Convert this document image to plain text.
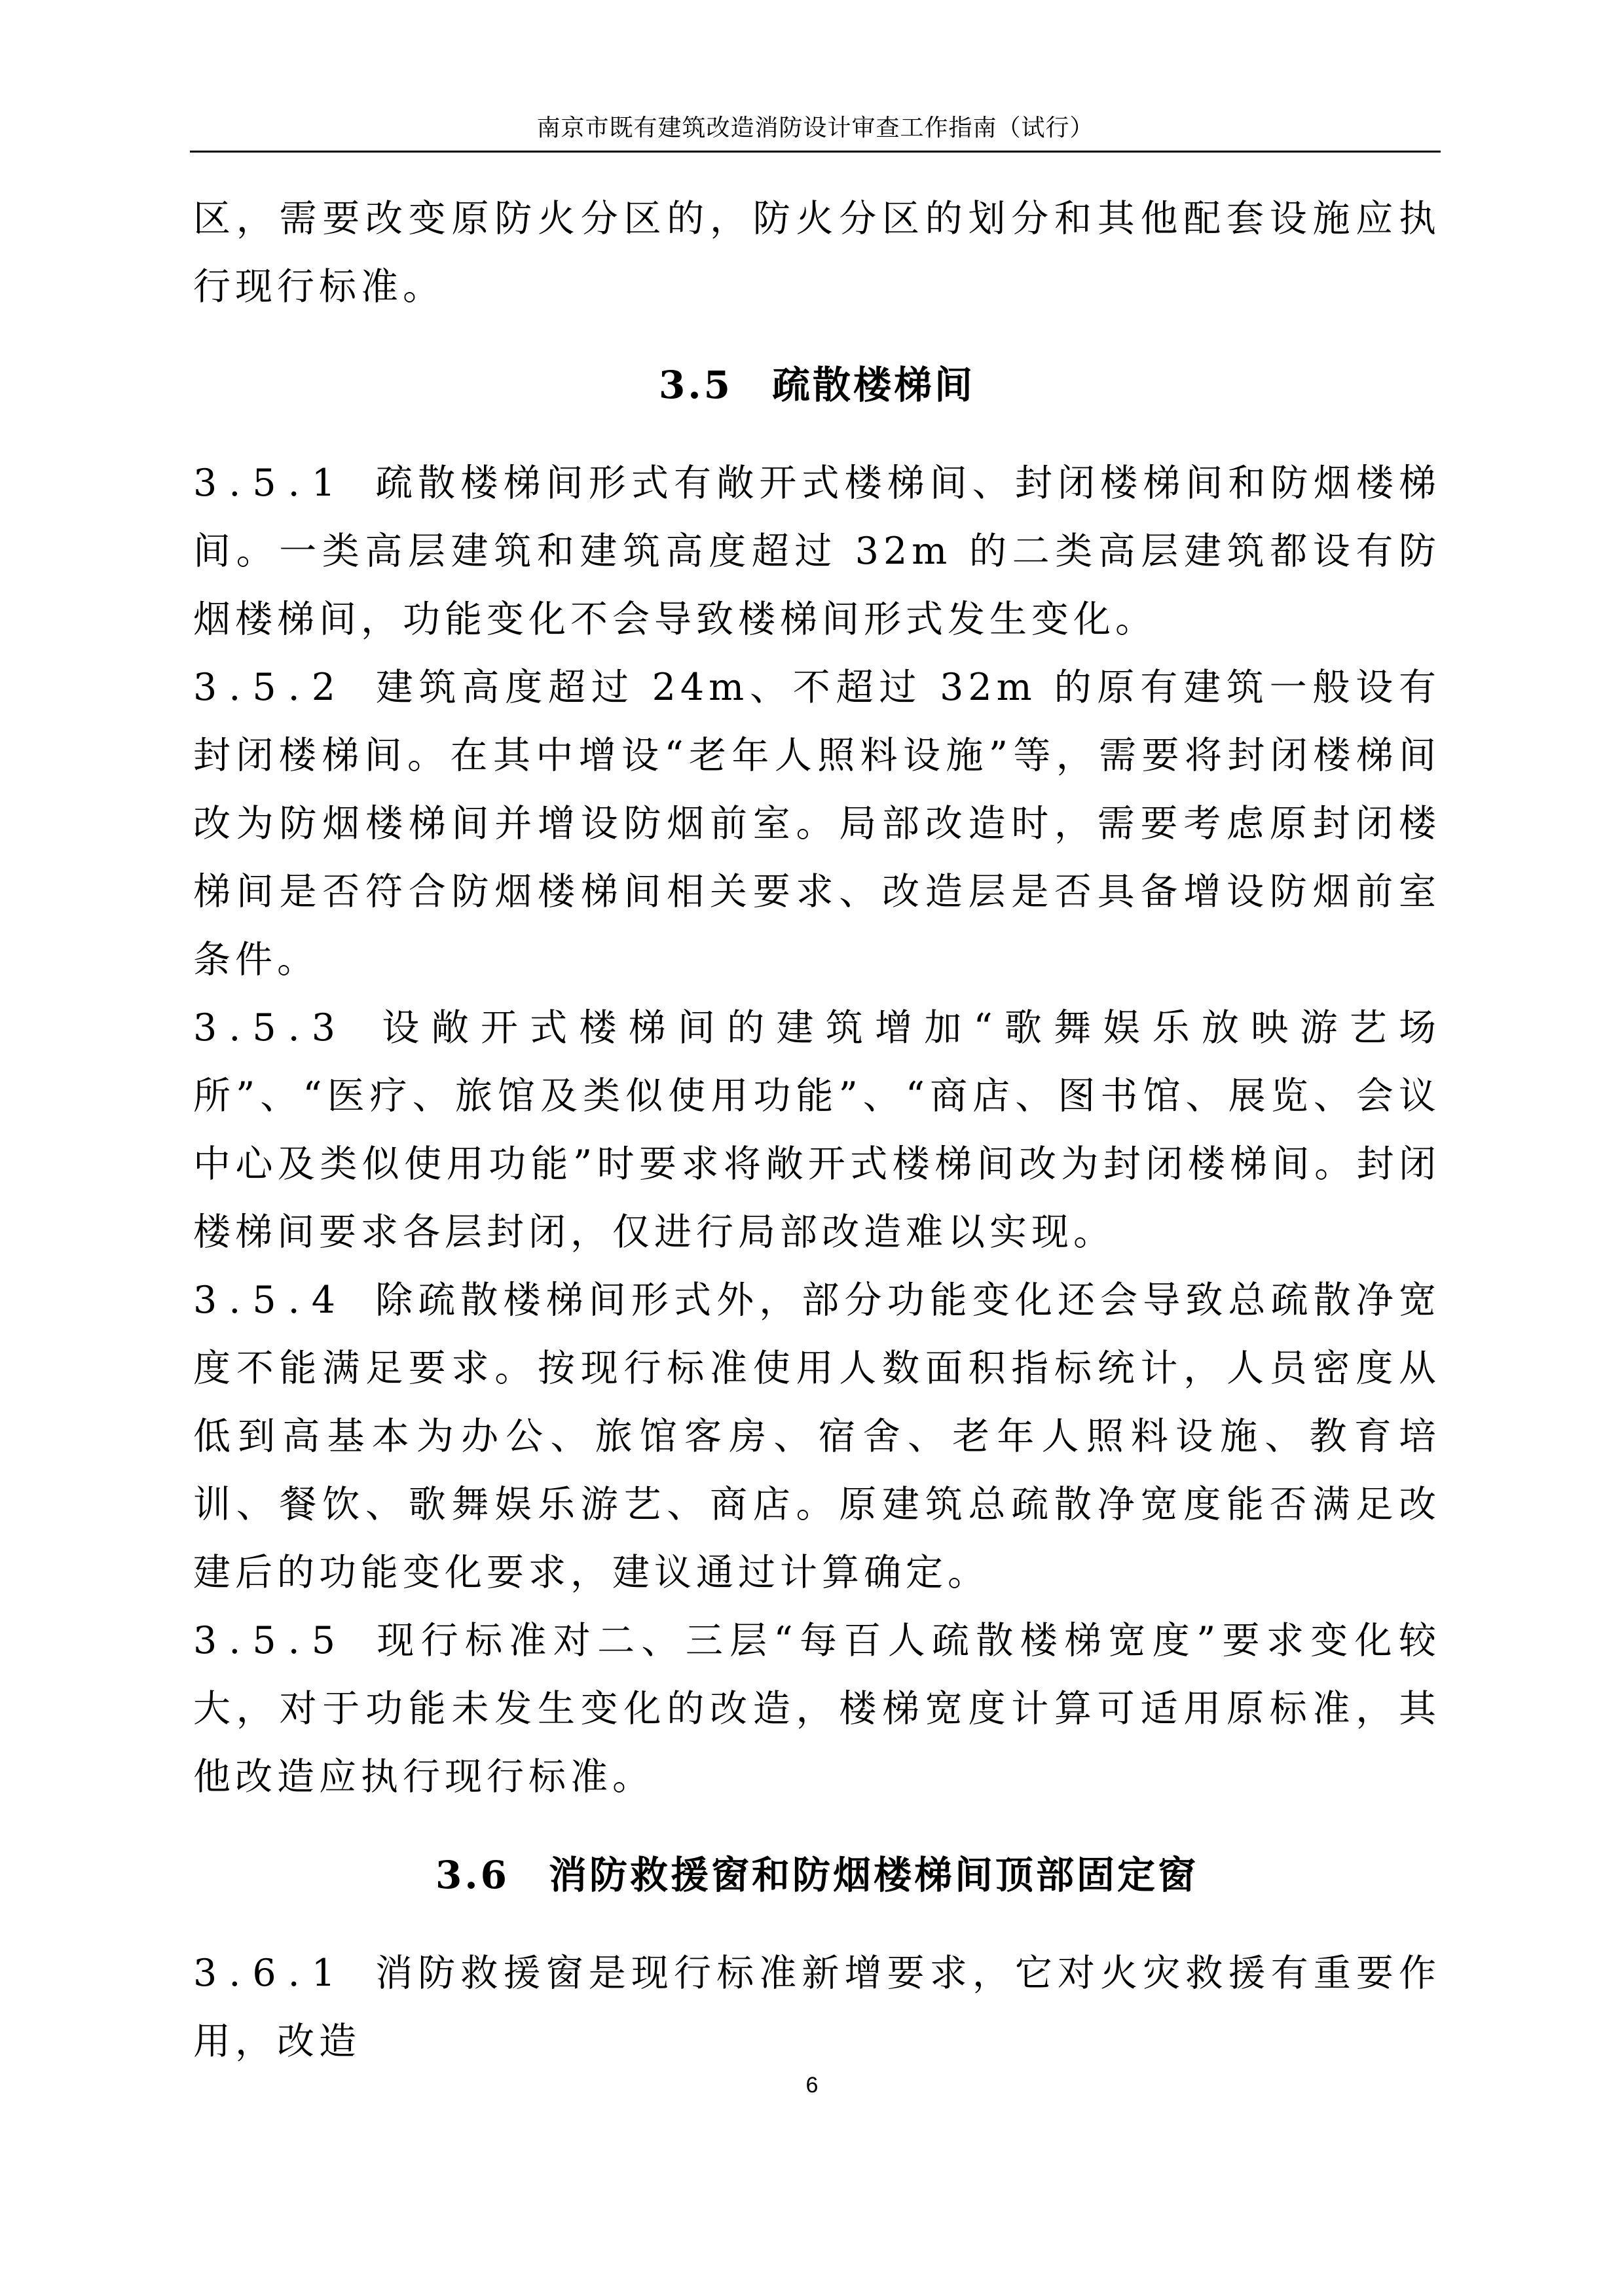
南京市既有建筑改造消防设计审查工作指南（试行）

区，需要改变原防火分区的，防火分区的划分和其他配套设施应执行现行标准。

3.5 疏散楼梯间

3.5.1 疏散楼梯间形式有敞开式楼梯间、封闭楼梯间和防烟楼梯间。一类高层建筑和建筑高度超过 32m 的二类高层建筑都设有防烟楼梯间，功能变化不会导致楼梯间形式发生变化。

3.5.2 建筑高度超过 24m、不超过 32m 的原有建筑一般设有封闭楼梯间。在其中增设“老年人照料设施”等，需要将封闭楼梯间改为防烟楼梯间并增设防烟前室。局部改造时，需要考虑原封闭楼梯间是否符合防烟楼梯间相关要求、改造层是否具备增设防烟前室条件。

3.5.3 设敞开式楼梯间的建筑增加“歌舞娱乐放映游艺场所”、“医疗、旅馆及类似使用功能”、“商店、图书馆、展览、会议中心及类似使用功能”时要求将敞开式楼梯间改为封闭楼梯间。封闭楼梯间要求各层封闭，仅进行局部改造难以实现。

3.5.4 除疏散楼梯间形式外，部分功能变化还会导致总疏散净宽度不能满足要求。按现行标准使用人数面积指标统计，人员密度从低到高基本为办公、旅馆客房、宿舍、老年人照料设施、教育培训、餐饮、歌舞娱乐游艺、商店。原建筑总疏散净宽度能否满足改建后的功能变化要求，建议通过计算确定。

3.5.5 现行标准对二、三层“每百人疏散楼梯宽度”要求变化较大，对于功能未发生变化的改造，楼梯宽度计算可适用原标准，其他改造应执行现行标准。

3.6 消防救援窗和防烟楼梯间顶部固定窗

3.6.1 消防救援窗是现行标准新增要求，它对火灾救援有重要作用，改造

6
